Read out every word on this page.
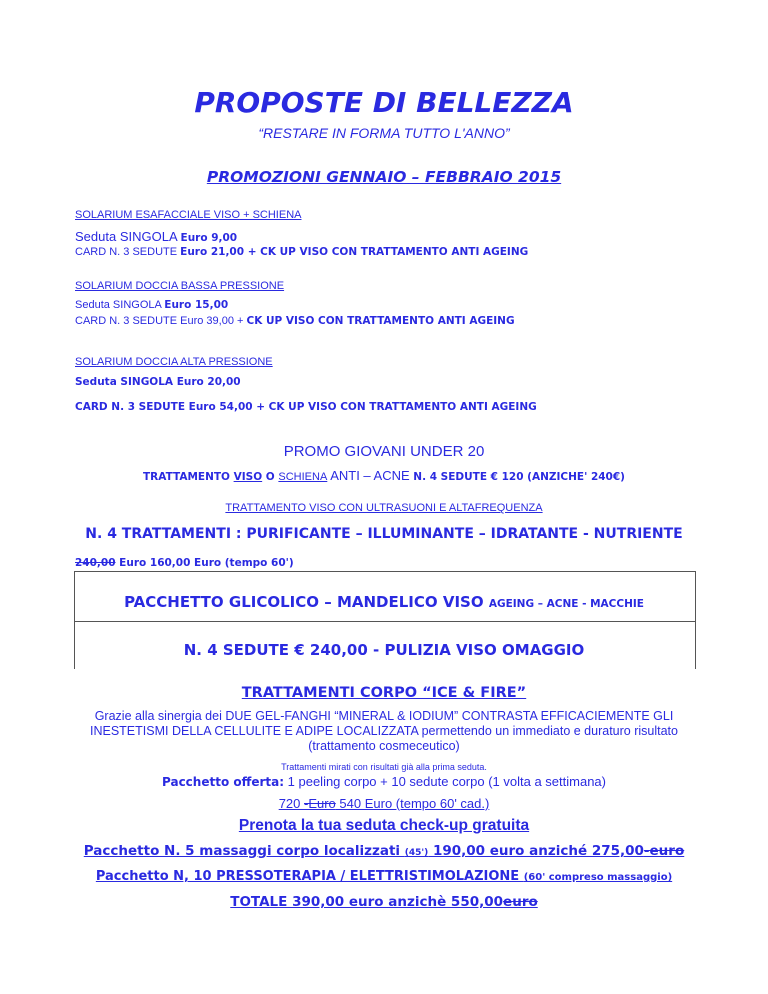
PROPOSTE DI BELLEZZA
“RESTARE IN FORMA TUTTO L'ANNO”
PROMOZIONI GENNAIO – FEBBRAIO 2015
SOLARIUM ESAFACCIALE VISO + SCHIENA
Seduta SINGOLA Euro 9,00
CARD N. 3 SEDUTE Euro 21,00 + CK UP VISO CON TRATTAMENTO ANTI AGEING
SOLARIUM DOCCIA BASSA PRESSIONE
Seduta SINGOLA Euro 15,00
CARD N. 3 SEDUTE Euro 39,00 + CK UP VISO CON TRATTAMENTO ANTI AGEING
SOLARIUM DOCCIA ALTA PRESSIONE
Seduta SINGOLA Euro 20,00
CARD N. 3 SEDUTE Euro 54,00 + CK UP VISO CON TRATTAMENTO ANTI AGEING
PROMO GIOVANI UNDER 20
TRATTAMENTO VISO O SCHIENA ANTI – ACNE N. 4 SEDUTE € 120 (ANZICHE' 240€)
TRATTAMENTO VISO CON ULTRASUONI E ALTAFREQUENZA
N. 4 TRATTAMENTI : PURIFICANTE – ILLUMINANTE – IDRATANTE - NUTRIENTE
240,00 Euro 160,00 Euro (tempo 60')
PACCHETTO GLICOLICO – MANDELICO VISO AGEING – ACNE - MACCHIE
N. 4 SEDUTE € 240,00 - PULIZIA VISO OMAGGIO
TRATTAMENTI CORPO “ICE & FIRE”
Grazie alla sinergia dei DUE GEL-FANGHI “MINERAL & IODIUM” CONTRASTA EFFICACIEMENTE GLI
INESTETISMI DELLA CELLULITE E ADIPE LOCALIZZATA permettendo un immediato e duraturo risultato
(trattamento cosmeceutico)
Trattamenti mirati con risultati già alla prima seduta.
Pacchetto offerta: 1 peeling corpo + 10 sedute corpo (1 volta a settimana)
720 -Euro 540 Euro (tempo 60' cad.)
Prenota la tua seduta check-up gratuita
Pacchetto N. 5 massaggi corpo localizzati (45') 190,00 euro anziché 275,00-euro
Pacchetto N, 10 PRESSOTERAPIA / ELETTRISTIMOLAZIONE (60' compreso massaggio)
TOTALE 390,00 euro anzichè 550,00euro
